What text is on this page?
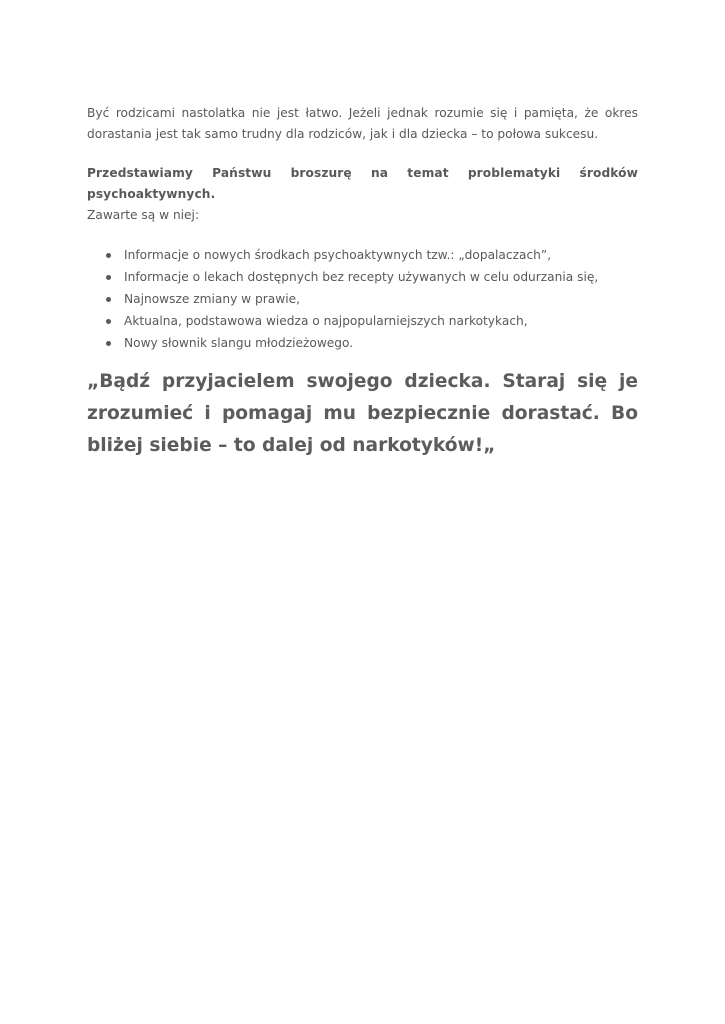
Być rodzicami nastolatka nie jest łatwo. Jeżeli jednak rozumie się i pamięta, że okres dorastania jest tak samo trudny dla rodziców, jak i dla dziecka – to połowa sukcesu.

Przedstawiamy Państwu broszurę na temat problematyki środków psychoaktywnych.
Zawarte są w niej:

Informacje o nowych środkach psychoaktywnych tzw.: „dopalaczach”,
Informacje o lekach dostępnych bez recepty używanych w celu odurzania się,
Najnowsze zmiany w prawie,
Aktualna, podstawowa wiedza o najpopularniejszych narkotykach,
Nowy słownik slangu młodzieżowego.

„Bądź przyjacielem swojego dziecka. Staraj się je zrozumieć i pomagaj mu bezpiecznie dorastać. Bo bliżej siebie – to dalej od narkotyków!„
